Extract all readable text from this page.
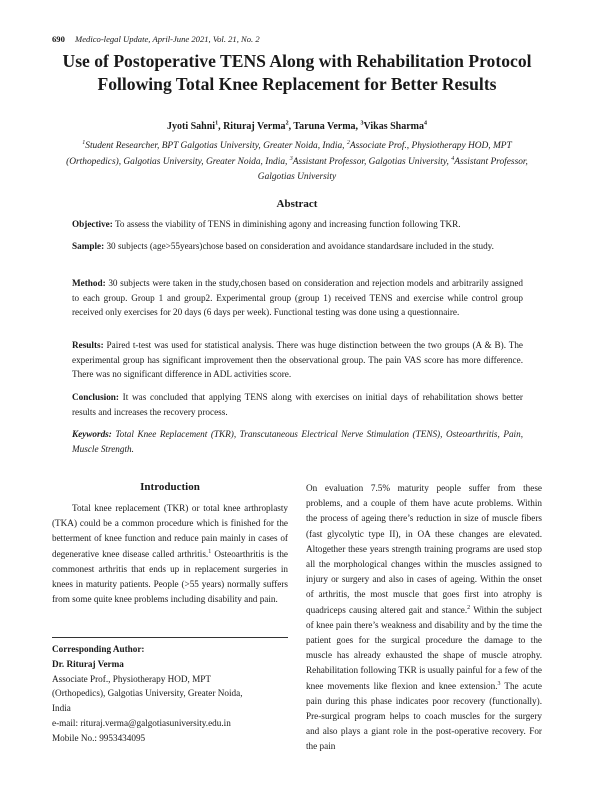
690 Medico-legal Update, April-June 2021, Vol. 21, No. 2
Use of Postoperative TENS Along with Rehabilitation Protocol
Following Total Knee Replacement for Better Results
Jyoti Sahni$^1$, Rituraj Verma$^2$, Taruna Verma, $^3$Vikas Sharma$^4$
$^1$Student Researcher, BPT Galgotias University, Greater Noida, India, $^2$Associate Prof., Physiotherapy HOD, MPT (Orthopedics), Galgotias University, Greater Noida, India, $^3$Assistant Professor, Galgotias University, $^4$Assistant Professor, Galgotias University
Abstract
Objective: To assess the viability of TENS in diminishing agony and increasing function following TKR.
Sample: 30 subjects (age>55years)chose based on consideration and avoidance standardsare included in the study.
Method: 30 subjects were taken in the study,chosen based on consideration and rejection models and arbitrarily assigned to each group. Group 1 and group2. Experimental group (group 1) received TENS and exercise while control group received only exercises for 20 days (6 days per week). Functional testing was done using a questionnaire.
Results: Paired t-test was used for statistical analysis. There was huge distinction between the two groups (A & B). The experimental group has significant improvement then the observational group. The pain VAS score has more difference. There was no significant difference in ADL activities score.
Conclusion: It was concluded that applying TENS along with exercises on initial days of rehabilitation shows better results and increases the recovery process.
Keywords: Total Knee Replacement (TKR), Transcutaneous Electrical Nerve Stimulation (TENS), Osteoarthritis, Pain, Muscle Strength.
Introduction
Total knee replacement (TKR) or total knee arthroplasty (TKA) could be a common procedure which is finished for the betterment of knee function and reduce pain mainly in cases of degenerative knee disease called arthritis.$^1$ Osteoarthritis is the commonest arthritis that ends up in replacement surgeries in knees in maturity patients. People (>55 years) normally suffers from some quite knee problems including disability and pain.
On evaluation 7.5% maturity people suffer from these problems, and a couple of them have acute problems. Within the process of ageing there’s reduction in size of muscle fibers (fast glycolytic type II), in OA these changes are elevated. Altogether these years strength training programs are used stop all the morphological changes within the muscles assigned to injury or surgery and also in cases of ageing. Within the onset of arthritis, the most muscle that goes first into atrophy is quadriceps causing altered gait and stance.$^2$ Within the subject of knee pain there’s weakness and disability and by the time the patient goes for the surgical procedure the damage to the muscle has already exhausted the shape of muscle atrophy. Rehabilitation following TKR is usually painful for a few of the knee movements like flexion and knee extension.$^3$ The acute pain during this phase indicates poor recovery (functionally). Pre-surgical program helps to coach muscles for the surgery and also plays a giant role in the post-operative recovery. For the pain
Corresponding Author:
Dr. Rituraj Verma
Associate Prof., Physiotherapy HOD, MPT
(Orthopedics), Galgotias University, Greater Noida,
India
e-mail: rituraj.verma@galgotiasuniversity.edu.in
Mobile No.: 9953434095
